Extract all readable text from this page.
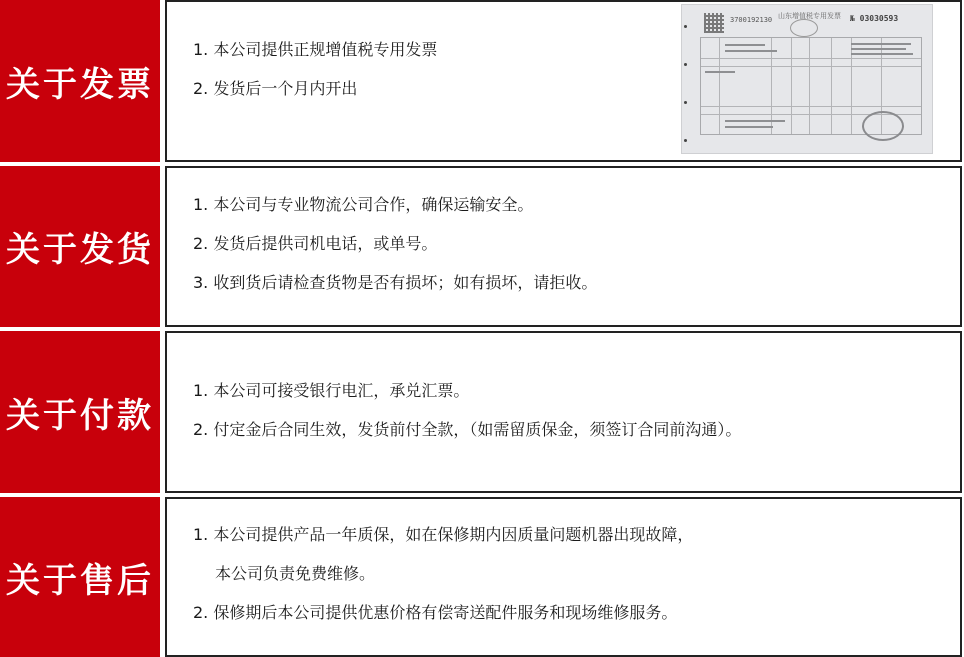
关于发票
1. 本公司提供正规增值税专用发票
2. 发货后一个月内开出
3700192130 山东增值税专用发票 № 03030593
关于发货
1. 本公司与专业物流公司合作，确保运输安全。
2. 发货后提供司机电话，或单号。
3. 收到货后请检查货物是否有损坏；如有损坏，请拒收。
关于付款
1. 本公司可接受银行电汇，承兑汇票。
2. 付定金后合同生效，发货前付全款，（如需留质保金，须签订合同前沟通）。
关于售后
1. 本公司提供产品一年质保，如在保修期内因质量问题机器出现故障，
本公司负责免费维修。
2. 保修期后本公司提供优惠价格有偿寄送配件服务和现场维修服务。
